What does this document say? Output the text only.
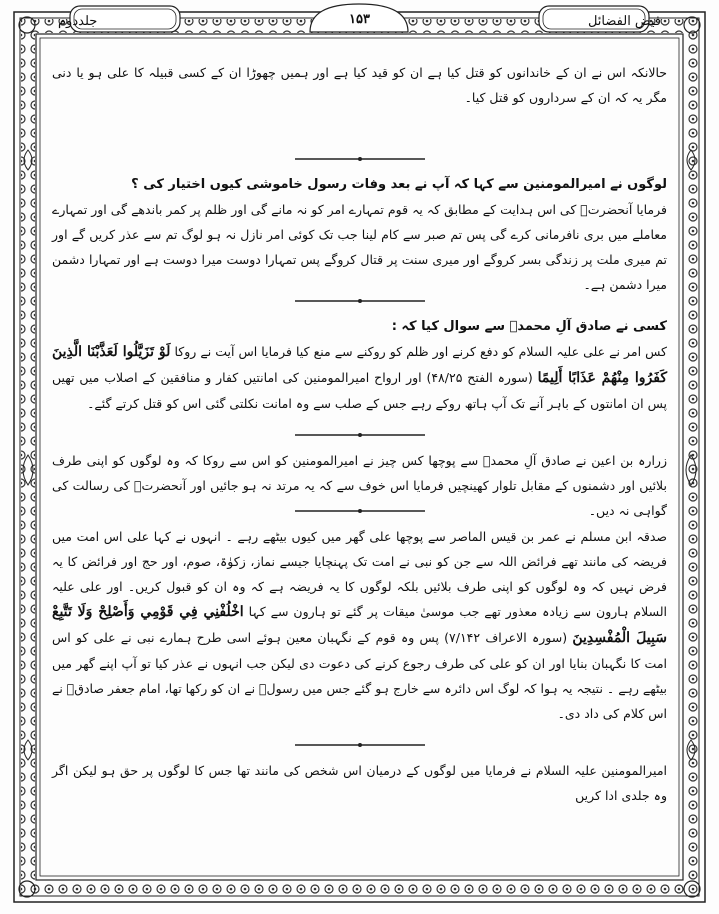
فیض الفضائل
۱۵۳
جلددوم

حالانکہ اس نے ان کے خاندانوں کو قتل کیا ہے ان کو قید کیا ہے اور ہمیں چھوڑا ان کے کسی قبیلہ کا علی ہو یا دنی مگر یہ کہ ان کے سرداروں کو قتل کیا۔

لوگوں نے امیرالمومنین سے کہا کہ آپ نے بعد وفات رسول خاموشی کیوں اختیار کی ؟

فرمایا آنحضرتؐ کی اس ہدایت کے مطابق کہ یہ قوم تمہارے امر کو نہ مانے گی اور ظلم پر کمر باندھے گی اور تمہارے معاملے میں بری نافرمانی کرے گی پس تم صبر سے کام لینا جب تک کوئی امر نازل نہ ہو لوگ تم سے عذر کریں گے اور تم میری ملت پر زندگی بسر کروگے اور میری سنت پر قتال کروگے پس تمہارا دوست میرا دوست ہے اور تمہارا دشمن میرا دشمن ہے۔

کسی نے صادق آلِ محمدؐ سے سوال کیا کہ :

کس امر نے علی علیہ السلام کو دفع کرنے اور ظلم کو روکنے سے منع کیا فرمایا اس آیت نے روکا لَوْ تَزَيَّلُوا لَعَذَّبْنَا الَّذِينَ كَفَرُوا مِنْهُمْ عَذَابًا أَلِيمًا (سورہ الفتح ۴۸/۲۵) اور ارواح امیرالمومنین کی امانتیں کفار و منافقین کے اصلاب میں تھیں پس ان امانتوں کے باہر آنے تک آپ ہاتھ روکے رہے جس کے صلب سے وہ امانت نکلتی گئی اس کو قتل کرتے گئے۔

زرارہ بن اعین نے صادق آلِ محمدؐ سے پوچھا کس چیز نے امیرالمومنین کو اس سے روکا کہ وہ لوگوں کو اپنی طرف بلائیں اور دشمنوں کے مقابل تلوار کھینچیں فرمایا اس خوف سے کہ یہ مرتد نہ ہو جائیں اور آنحضرتؐ کی رسالت کی گواہی نہ دیں۔

صدقہ ابن مسلم نے عمر بن قیس الماصر سے پوچھا علی گھر میں کیوں بیٹھے رہے ۔ انہوں نے کہا علی اس امت میں فریضہ کی مانند تھے فرائض اللہ سے جن کو نبی نے امت تک پہنچایا جیسے نماز، زکوٰۃ، صوم، اور حج اور فرائض کا یہ فرض نہیں کہ وہ لوگوں کو اپنی طرف بلائیں بلکہ لوگوں کا یہ فریضہ ہے کہ وہ ان کو قبول کریں۔ اور علی علیہ السلام ہارون سے زیادہ معذور تھے جب موسیٰ میقات پر گئے تو ہارون سے کہا اخْلُفْنِي فِي قَوْمِي وَأَصْلِحْ وَلَا تَتَّبِعْ سَبِيلَ الْمُفْسِدِينَ (سورہ الاعراف ۷/۱۴۲) پس وہ قوم کے نگہبان معین ہوئے اسی طرح ہمارے نبی نے علی کو اس امت کا نگہبان بنایا اور ان کو علی کی طرف رجوع کرنے کی دعوت دی لیکن جب انہوں نے عذر کیا تو آپ اپنے گھر میں بیٹھے رہے ۔ نتیجہ یہ ہوا کہ لوگ اس دائرہ سے خارج ہو گئے جس میں رسولؐ نے ان کو رکھا تھا، امام جعفر صادقؑ نے اس کلام کی داد دی۔

امیرالمومنین علیہ السلام نے فرمایا میں لوگوں کے درمیان اس شخص کی مانند تھا جس کا لوگوں پر حق ہو لیکن اگر وہ جلدی ادا کریں
